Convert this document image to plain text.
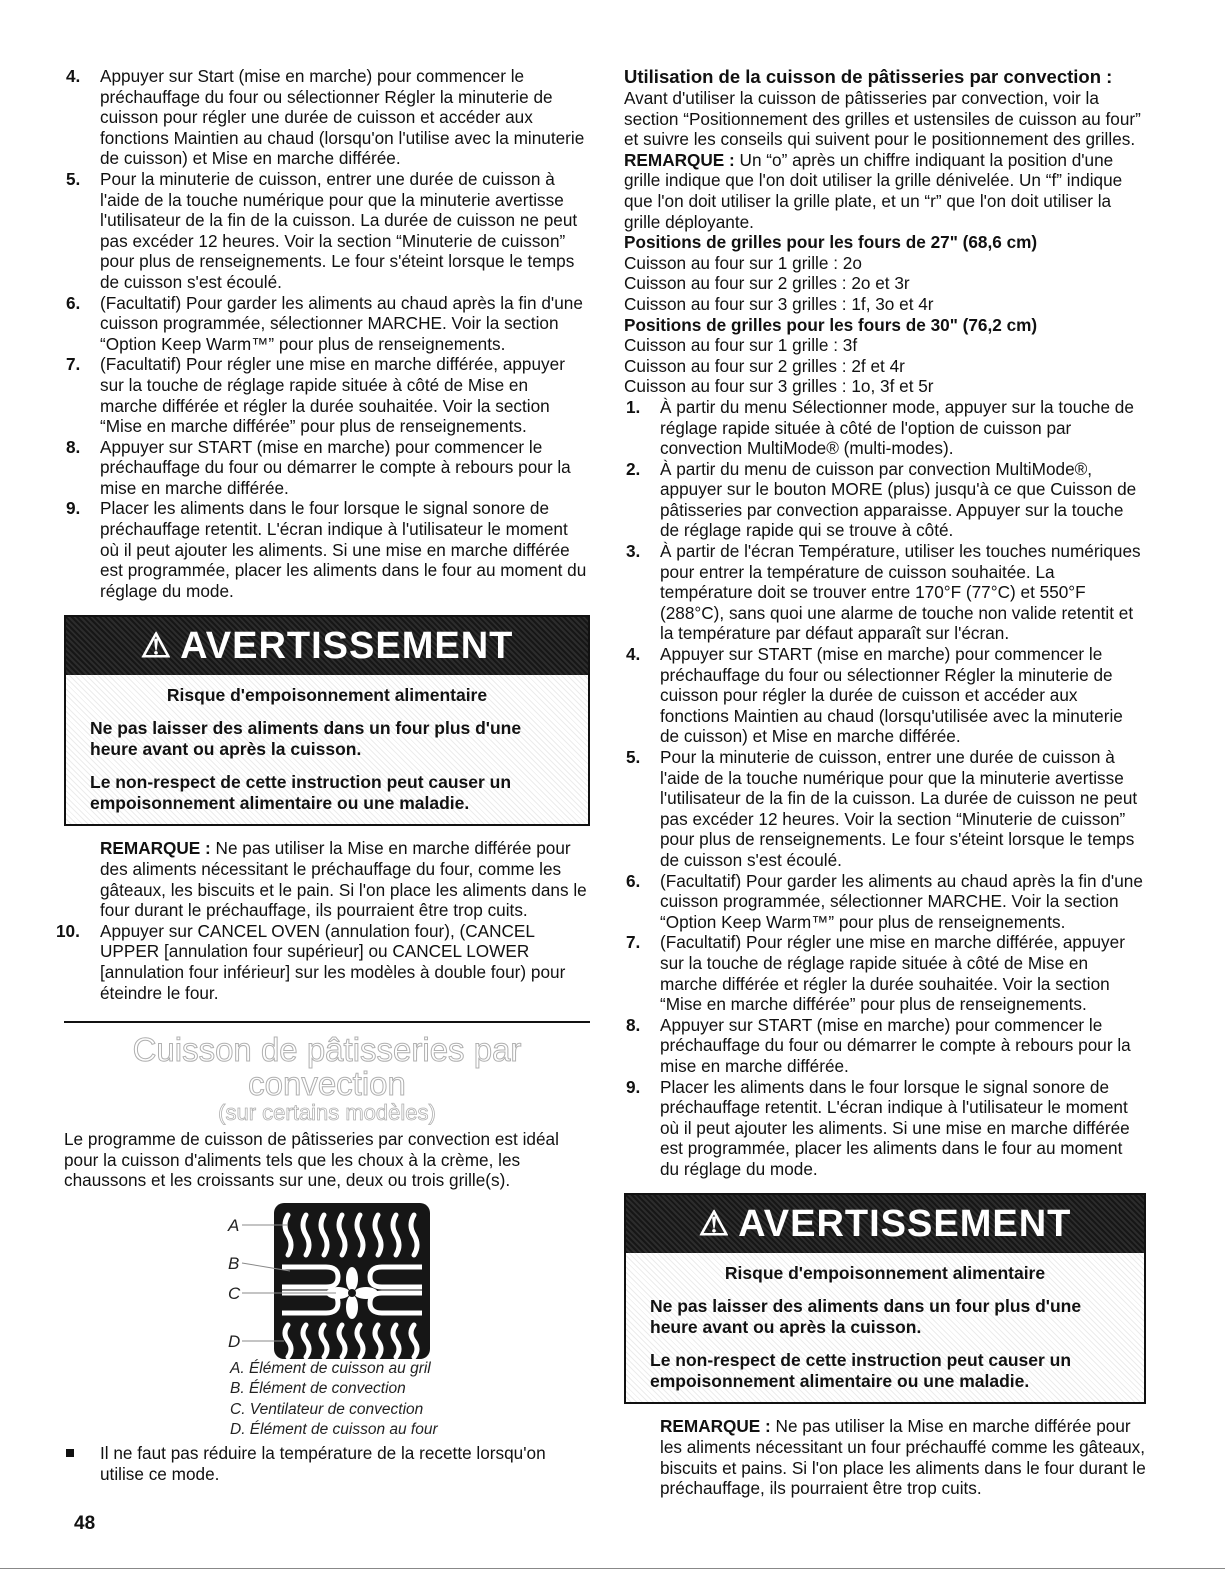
4. Appuyer sur Start (mise en marche) pour commencer le préchauffage du four ou sélectionner Régler la minuterie de cuisson pour régler une durée de cuisson et accéder aux fonctions Maintien au chaud (lorsqu'on l'utilise avec la minuterie de cuisson) et Mise en marche différée.
5. Pour la minuterie de cuisson, entrer une durée de cuisson à l'aide de la touche numérique pour que la minuterie avertisse l'utilisateur de la fin de la cuisson. La durée de cuisson ne peut pas excéder 12 heures. Voir la section “Minuterie de cuisson” pour plus de renseignements. Le four s'éteint lorsque le temps de cuisson s'est écoulé.
6. (Facultatif) Pour garder les aliments au chaud après la fin d'une cuisson programmée, sélectionner MARCHE. Voir la section “Option Keep Warm™” pour plus de renseignements.
7. (Facultatif) Pour régler une mise en marche différée, appuyer sur la touche de réglage rapide située à côté de Mise en marche différée et régler la durée souhaitée. Voir la section “Mise en marche différée” pour plus de renseignements.
8. Appuyer sur START (mise en marche) pour commencer le préchauffage du four ou démarrer le compte à rebours pour la mise en marche différée.
9. Placer les aliments dans le four lorsque le signal sonore de préchauffage retentit. L'écran indique à l'utilisateur le moment où il peut ajouter les aliments. Si une mise en marche différée est programmée, placer les aliments dans le four au moment du réglage du mode.
⚠ AVERTISSEMENT

Risque d'empoisonnement alimentaire

Ne pas laisser des aliments dans un four plus d'une heure avant ou après la cuisson.

Le non-respect de cette instruction peut causer un empoisonnement alimentaire ou une maladie.

REMARQUE : Ne pas utiliser la Mise en marche différée pour des aliments nécessitant le préchauffage du four, comme les gâteaux, les biscuits et le pain. Si l'on place les aliments dans le four durant le préchauffage, ils pourraient être trop cuits.

10. Appuyer sur CANCEL OVEN (annulation four), (CANCEL UPPER [annulation four supérieur] ou CANCEL LOWER [annulation four inférieur] sur les modèles à double four) pour éteindre le four.
Cuisson de pâtisseries par convection
(sur certains modèles)

Le programme de cuisson de pâtisseries par convection est idéal pour la cuisson d'aliments tels que les choux à la crème, les chaussons et les croissants sur une, deux ou trois grille(s).

A
B
C
D
A. Élément de cuisson au gril
B. Élément de convection
C. Ventilateur de convection
D. Élément de cuisson au four
Il ne faut pas réduire la température de la recette lorsqu'on utilise ce mode.
Utilisation de la cuisson de pâtisseries par convection :

Avant d'utiliser la cuisson de pâtisseries par convection, voir la section “Positionnement des grilles et ustensiles de cuisson au four” et suivre les conseils qui suivent pour le positionnement des grilles.

REMARQUE : Un “o” après un chiffre indiquant la position d'une grille indique que l'on doit utiliser la grille dénivelée. Un “f” indique que l'on doit utiliser la grille plate, et un “r” que l'on doit utiliser la grille déployante.

Positions de grilles pour les fours de 27" (68,6 cm)
Cuisson au four sur 1 grille : 2o
Cuisson au four sur 2 grilles : 2o et 3r
Cuisson au four sur 3 grilles : 1f, 3o et 4r
Positions de grilles pour les fours de 30" (76,2 cm)
Cuisson au four sur 1 grille : 3f
Cuisson au four sur 2 grilles : 2f et 4r
Cuisson au four sur 3 grilles : 1o, 3f et 5r
1. À partir du menu Sélectionner mode, appuyer sur la touche de réglage rapide située à côté de l'option de cuisson par convection MultiMode® (multi-modes).
2. À partir du menu de cuisson par convection MultiMode®, appuyer sur le bouton MORE (plus) jusqu'à ce que Cuisson de pâtisseries par convection apparaisse. Appuyer sur la touche de réglage rapide qui se trouve à côté.
3. À partir de l'écran Température, utiliser les touches numériques pour entrer la température de cuisson souhaitée. La température doit se trouver entre 170°F (77°C) et 550°F (288°C), sans quoi une alarme de touche non valide retentit et la température par défaut apparaît sur l'écran.
4. Appuyer sur START (mise en marche) pour commencer le préchauffage du four ou sélectionner Régler la minuterie de cuisson pour régler la durée de cuisson et accéder aux fonctions Maintien au chaud (lorsqu'utilisée avec la minuterie de cuisson) et Mise en marche différée.
5. Pour la minuterie de cuisson, entrer une durée de cuisson à l'aide de la touche numérique pour que la minuterie avertisse l'utilisateur de la fin de la cuisson. La durée de cuisson ne peut pas excéder 12 heures. Voir la section “Minuterie de cuisson” pour plus de renseignements. Le four s'éteint lorsque le temps de cuisson s'est écoulé.
6. (Facultatif) Pour garder les aliments au chaud après la fin d'une cuisson programmée, sélectionner MARCHE. Voir la section “Option Keep Warm™” pour plus de renseignements.
7. (Facultatif) Pour régler une mise en marche différée, appuyer sur la touche de réglage rapide située à côté de Mise en marche différée et régler la durée souhaitée. Voir la section “Mise en marche différée” pour plus de renseignements.
8. Appuyer sur START (mise en marche) pour commencer le préchauffage du four ou démarrer le compte à rebours pour la mise en marche différée.
9. Placer les aliments dans le four lorsque le signal sonore de préchauffage retentit. L'écran indique à l'utilisateur le moment où il peut ajouter les aliments. Si une mise en marche différée est programmée, placer les aliments dans le four au moment du réglage du mode.
⚠ AVERTISSEMENT

Risque d'empoisonnement alimentaire

Ne pas laisser des aliments dans un four plus d'une heure avant ou après la cuisson.

Le non-respect de cette instruction peut causer un empoisonnement alimentaire ou une maladie.

REMARQUE : Ne pas utiliser la Mise en marche différée pour les aliments nécessitant un four préchauffé comme les gâteaux, biscuits et pains. Si l'on place les aliments dans le four durant le préchauffage, ils pourraient être trop cuits.

48
